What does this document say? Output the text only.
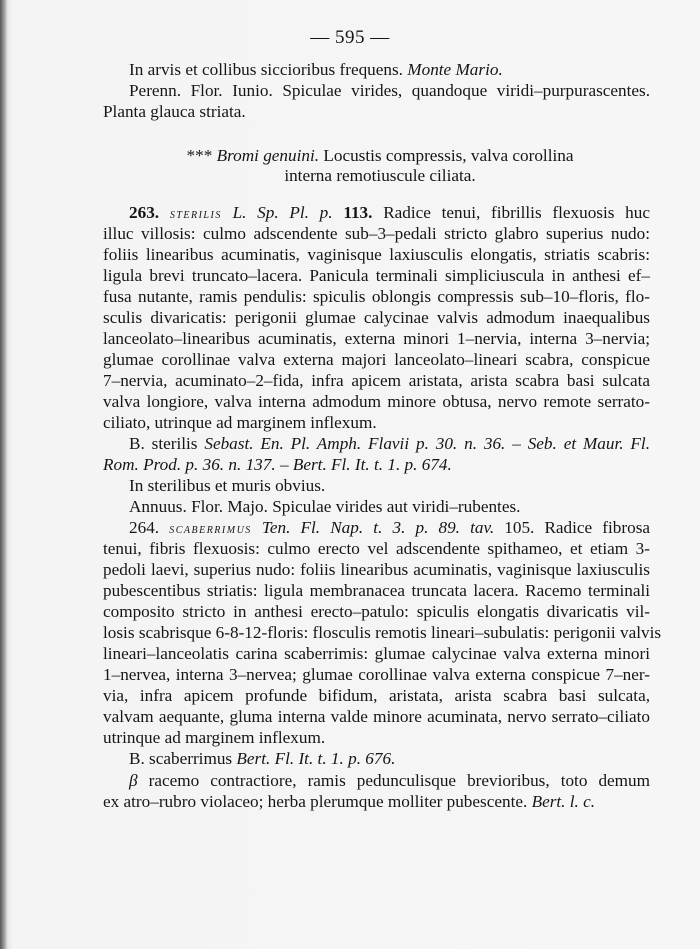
— 595 —
In arvis et collibus siccioribus frequens. Monte Mario.
Perenn. Flor. Iunio. Spiculae virides, quandoque viridi–purpurascentes.
Planta glauca striata.
*** Bromi genuini. Locustis compressis, valva corollina
interna remotiuscule ciliata.
263. sterilis L. Sp. Pl. p. 113. Radice tenui, fibrillis flexuosis huc
illuc villosis: culmo adscendente sub–3–pedali stricto glabro superius nudo:
foliis linearibus acuminatis, vaginisque laxiusculis elongatis, striatis scabris:
ligula brevi truncato–lacera. Panicula terminali simpliciuscula in anthesi ef–
fusa nutante, ramis pendulis: spiculis oblongis compressis sub–10–floris, flo-
sculis divaricatis: perigonii glumae calycinae valvis admodum inaequalibus
lanceolato–linearibus acuminatis, externa minori 1–nervia, interna 3–nervia;
glumae corollinae valva externa majori lanceolato–lineari scabra, conspicue
7–nervia, acuminato–2–fida, infra apicem aristata, arista scabra basi sulcata
valva longiore, valva interna admodum minore obtusa, nervo remote serrato-
ciliato, utrinque ad marginem inflexum.
B. sterilis Sebast. En. Pl. Amph. Flavii p. 30. n. 36. – Seb. et Maur. Fl.
Rom. Prod. p. 36. n. 137. – Bert. Fl. It. t. 1. p. 674.
In sterilibus et muris obvius.
Annuus. Flor. Majo. Spiculae virides aut viridi–rubentes.
264. scaberrimus Ten. Fl. Nap. t. 3. p. 89. tav. 105. Radice fibrosa
tenui, fibris flexuosis: culmo erecto vel adscendente spithameo, et etiam 3-
pedoli laevi, superius nudo: foliis linearibus acuminatis, vaginisque laxiusculis
pubescentibus striatis: ligula membranacea truncata lacera. Racemo terminali
composito stricto in anthesi erecto–patulo: spiculis elongatis divaricatis vil-
losis scabrisque 6-8-12-floris: flosculis remotis lineari–subulatis: perigonii valvis
lineari–lanceolatis carina scaberrimis: glumae calycinae valva externa minori
1–nervea, interna 3–nervea; glumae corollinae valva externa conspicue 7–ner-
via, infra apicem profunde bifidum, aristata, arista scabra basi sulcata,
valvam aequante, gluma interna valde minore acuminata, nervo serrato–ciliato
utrinque ad marginem inflexum.
B. scaberrimus Bert. Fl. It. t. 1. p. 676.
β racemo contractiore, ramis pedunculisque brevioribus, toto demum
ex atro–rubro violaceo; herba plerumque molliter pubescente. Bert. l. c.
